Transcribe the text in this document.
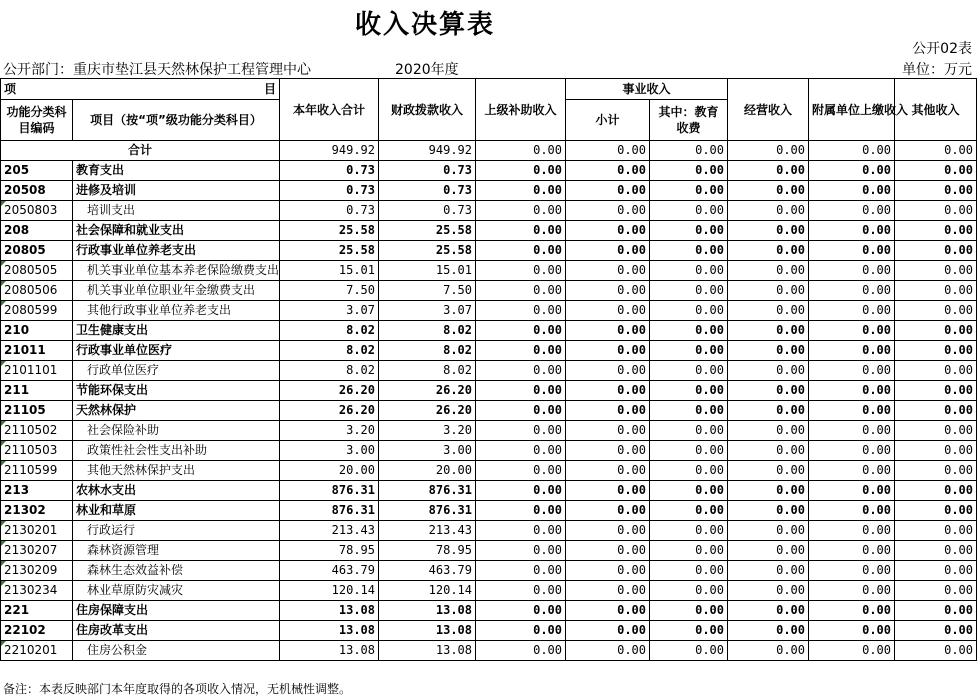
收入决算表
公开02表
公开部门：重庆市垫江县天然林保护工程管理中心	2020年度	单位：万元
项 目		本年收入合计	财政拨款收入	上级补助收入	事业收入		经营收入	附属单位上缴收入	其他收入
功能分类科目编码	项目（按“项”级功能分类科目）								
					小计	其中：教育收费			
合计		949.92	949.92	0.00	0.00	0.00	0.00	0.00	0.00
205	教育支出	0.73	0.73	0.00	0.00	0.00	0.00	0.00	0.00
20508	进修及培训	0.73	0.73	0.00	0.00	0.00	0.00	0.00	0.00
2050803	培训支出	0.73	0.73	0.00	0.00	0.00	0.00	0.00	0.00
208	社会保障和就业支出	25.58	25.58	0.00	0.00	0.00	0.00	0.00	0.00
20805	行政事业单位养老支出	25.58	25.58	0.00	0.00	0.00	0.00	0.00	0.00
2080505	机关事业单位基本养老保险缴费支出	15.01	15.01	0.00	0.00	0.00	0.00	0.00	0.00
2080506	机关事业单位职业年金缴费支出	7.50	7.50	0.00	0.00	0.00	0.00	0.00	0.00
2080599	其他行政事业单位养老支出	3.07	3.07	0.00	0.00	0.00	0.00	0.00	0.00
210	卫生健康支出	8.02	8.02	0.00	0.00	0.00	0.00	0.00	0.00
21011	行政事业单位医疗	8.02	8.02	0.00	0.00	0.00	0.00	0.00	0.00
2101101	行政单位医疗	8.02	8.02	0.00	0.00	0.00	0.00	0.00	0.00
211	节能环保支出	26.20	26.20	0.00	0.00	0.00	0.00	0.00	0.00
21105	天然林保护	26.20	26.20	0.00	0.00	0.00	0.00	0.00	0.00
2110502	社会保险补助	3.20	3.20	0.00	0.00	0.00	0.00	0.00	0.00
2110503	政策性社会性支出补助	3.00	3.00	0.00	0.00	0.00	0.00	0.00	0.00
2110599	其他天然林保护支出	20.00	20.00	0.00	0.00	0.00	0.00	0.00	0.00
213	农林水支出	876.31	876.31	0.00	0.00	0.00	0.00	0.00	0.00
21302	林业和草原	876.31	876.31	0.00	0.00	0.00	0.00	0.00	0.00
2130201	行政运行	213.43	213.43	0.00	0.00	0.00	0.00	0.00	0.00
2130207	森林资源管理	78.95	78.95	0.00	0.00	0.00	0.00	0.00	0.00
2130209	森林生态效益补偿	463.79	463.79	0.00	0.00	0.00	0.00	0.00	0.00
2130234	林业草原防灾减灾	120.14	120.14	0.00	0.00	0.00	0.00	0.00	0.00
221	住房保障支出	13.08	13.08	0.00	0.00	0.00	0.00	0.00	0.00
22102	住房改革支出	13.08	13.08	0.00	0.00	0.00	0.00	0.00	0.00
2210201	住房公积金	13.08	13.08	0.00	0.00	0.00	0.00	0.00	0.00
备注：本表反映部门本年度取得的各项收入情况，无机械性调整。
